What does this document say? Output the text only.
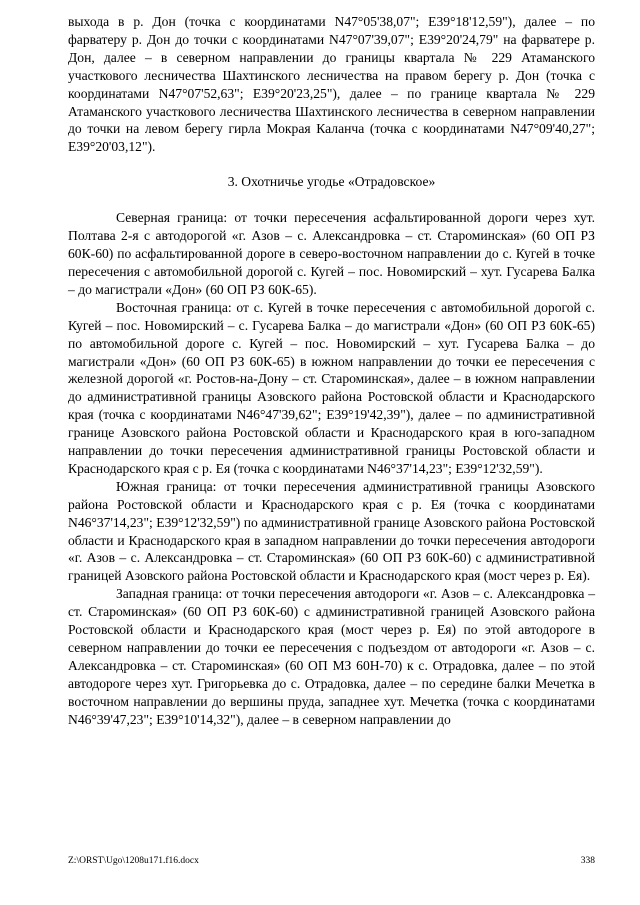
выхода в р. Дон (точка с координатами N47°05'38,07"; E39°18'12,59"), далее – по фарватеру р. Дон до точки с координатами N47°07'39,07"; E39°20'24,79" на фарватере р. Дон, далее – в северном направлении до границы квартала № 229 Атаманского участкового лесничества Шахтинского лесничества на правом берегу р. Дон (точка с координатами N47°07'52,63"; E39°20'23,25"), далее – по границе квартала № 229 Атаманского участкового лесничества Шахтинского лесничества в северном направлении до точки на левом берегу гирла Мокрая Каланча (точка с координатами N47°09'40,27"; E39°20'03,12").

3. Охотничье угодье «Отрадовское»

Северная граница: от точки пересечения асфальтированной дороги через хут. Полтава 2-я с автодорогой «г. Азов – с. Александровка – ст. Староминская» (60 ОП РЗ 60К-60) по асфальтированной дороге в северо-восточном направлении до с. Кугей в точке пересечения с автомобильной дорогой с. Кугей – пос. Новомирский – хут. Гусарева Балка – до магистрали «Дон» (60 ОП РЗ 60К-65).

Восточная граница: от с. Кугей в точке пересечения с автомобильной дорогой с. Кугей – пос. Новомирский – с. Гусарева Балка – до магистрали «Дон» (60 ОП РЗ 60К-65) по автомобильной дороге с. Кугей – пос. Новомирский – хут. Гусарева Балка – до магистрали «Дон» (60 ОП РЗ 60К-65) в южном направлении до точки ее пересечения с железной дорогой «г. Ростов-на-Дону – ст. Староминская», далее – в южном направлении до административной границы Азовского района Ростовской области и Краснодарского края (точка с координатами N46°47'39,62"; E39°19'42,39"), далее – по административной границе Азовского района Ростовской области и Краснодарского края в юго-западном направлении до точки пересечения административной границы Ростовской области и Краснодарского края с р. Ея (точка с координатами N46°37'14,23"; E39°12'32,59").

Южная граница: от точки пересечения административной границы Азовского района Ростовской области и Краснодарского края с р. Ея (точка с координатами N46°37'14,23"; E39°12'32,59") по административной границе Азовского района Ростовской области и Краснодарского края в западном направлении до точки пересечения автодороги «г. Азов – с. Александровка – ст. Староминская» (60 ОП РЗ 60К-60) с административной границей Азовского района Ростовской области и Краснодарского края (мост через р. Ея).

Западная граница: от точки пересечения автодороги «г. Азов – с. Александровка – ст. Староминская» (60 ОП РЗ 60К-60) с административной границей Азовского района Ростовской области и Краснодарского края (мост через р. Ея) по этой автодороге в северном направлении до точки ее пересечения с подъездом от автодороги «г. Азов – с. Александровка – ст. Староминская» (60 ОП МЗ 60Н-70) к с. Отрадовка, далее – по этой автодороге через хут. Григорьевка до с. Отрадовка, далее – по середине балки Мечетка в восточном направлении до вершины пруда, западнее хут. Мечетка (точка с координатами N46°39'47,23"; E39°10'14,32"), далее – в северном направлении до

Z:\ORST\Ugo\1208u171.f16.docx	338
